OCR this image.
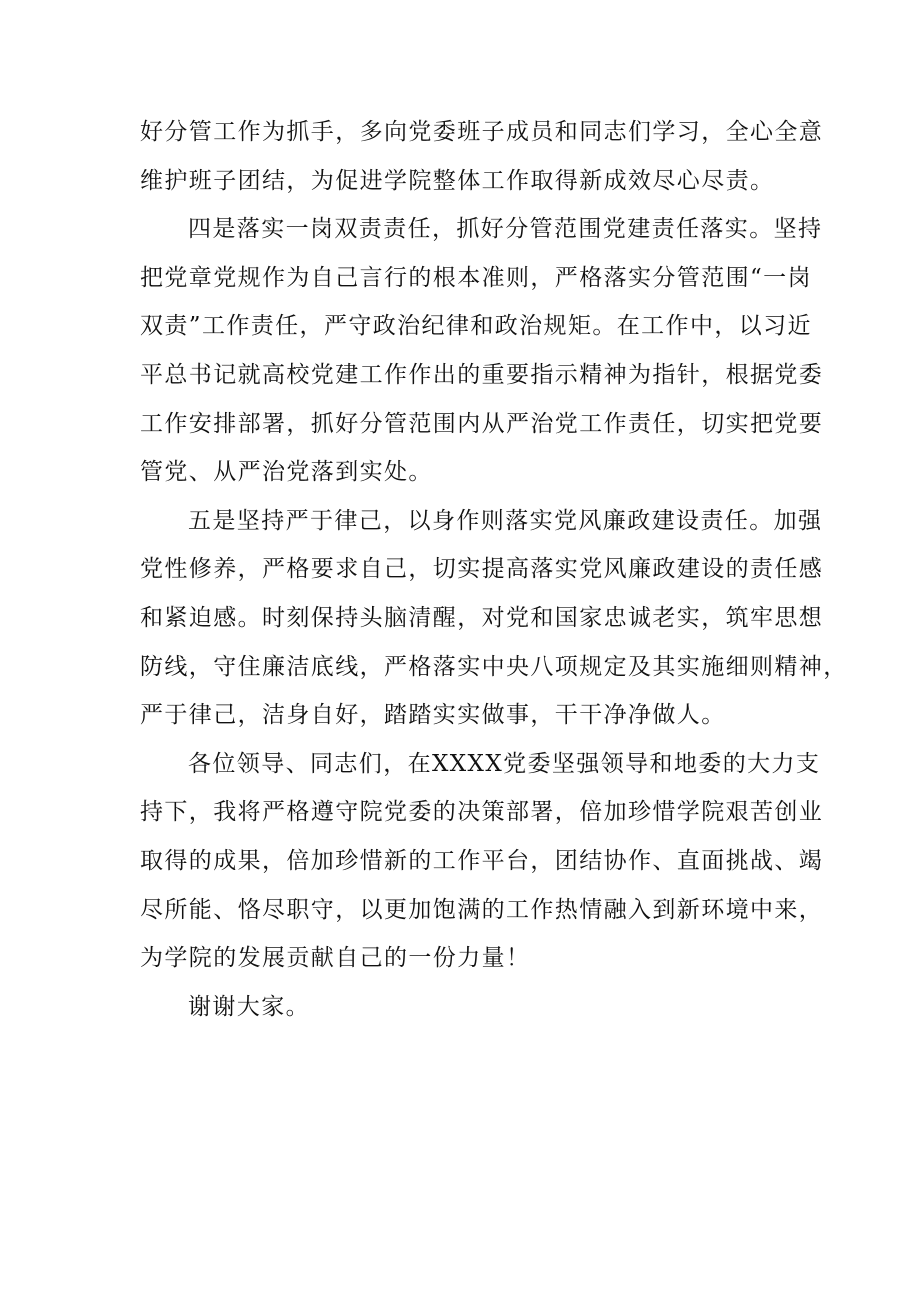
好分管工作为抓手，多向党委班子成员和同志们学习，全心全意
维护班子团结，为促进学院整体工作取得新成效尽心尽责。
四是落实一岗双责责任，抓好分管范围党建责任落实。坚持
把党章党规作为自己言行的根本准则，严格落实分管范围“一岗
双责”工作责任，严守政治纪律和政治规矩。在工作中，以习近
平总书记就高校党建工作作出的重要指示精神为指针，根据党委
工作安排部署，抓好分管范围内从严治党工作责任，切实把党要
管党、从严治党落到实处。
五是坚持严于律己，以身作则落实党风廉政建设责任。加强
党性修养，严格要求自己，切实提高落实党风廉政建设的责任感
和紧迫感。时刻保持头脑清醒，对党和国家忠诚老实，筑牢思想
防线，守住廉洁底线，严格落实中央八项规定及其实施细则精神，
严于律己，洁身自好，踏踏实实做事，干干净净做人。
各位领导、同志们，在XXXX党委坚强领导和地委的大力支
持下，我将严格遵守院党委的决策部署，倍加珍惜学院艰苦创业
取得的成果，倍加珍惜新的工作平台，团结协作、直面挑战、竭
尽所能、恪尽职守，以更加饱满的工作热情融入到新环境中来，
为学院的发展贡献自己的一份力量！
谢谢大家。
